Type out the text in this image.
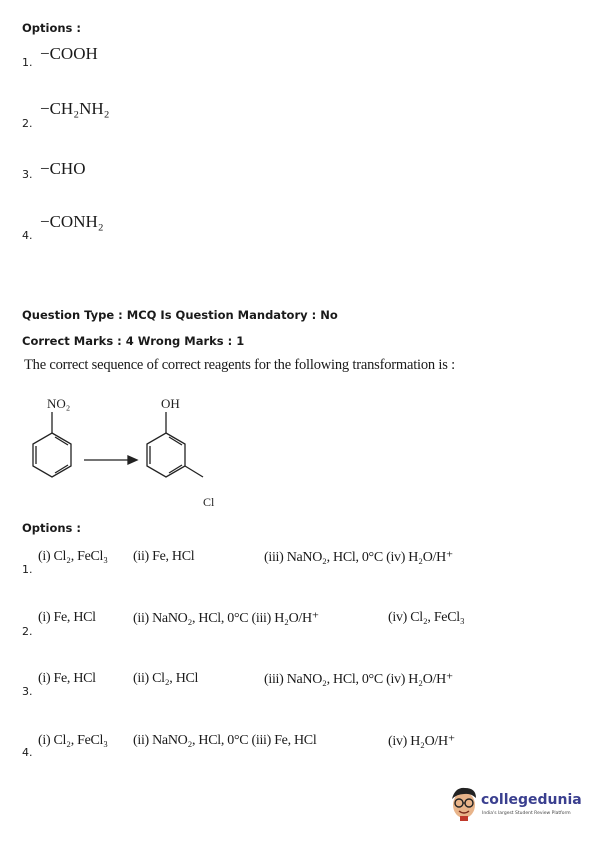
Options :
1. −COOH
2.
−CH₂NH₂
3. −CHO
4.
−CONH₂
Question Type : MCQ Is Question Mandatory : No
Correct Marks : 4 Wrong Marks : 1
The correct sequence of correct reagents for the following transformation is :
NO₂	OH
Cl
Options :
1.
(i) Cl₂, FeCl₃ (ii) Fe, HCl	(iii) NaNO₂, HCl, 0°C (iv) H₂O/H⁺
2.
(i) Fe, HCl	(ii) NaNO₂, HCl, 0°C (iii) H₂O/H⁺	(iv) Cl₂, FeCl₃
3.
(i) Fe, HCl	(ii) Cl₂, HCl	(iii) NaNO₂, HCl, 0°C (iv) H₂O/H⁺
4.
(i) Cl₂, FeCl₃ (ii) NaNO₂, HCl, 0°C (iii) Fe, HCl	(iv) H₂O/H⁺
collegedunia
India's largest Student Review Platform
